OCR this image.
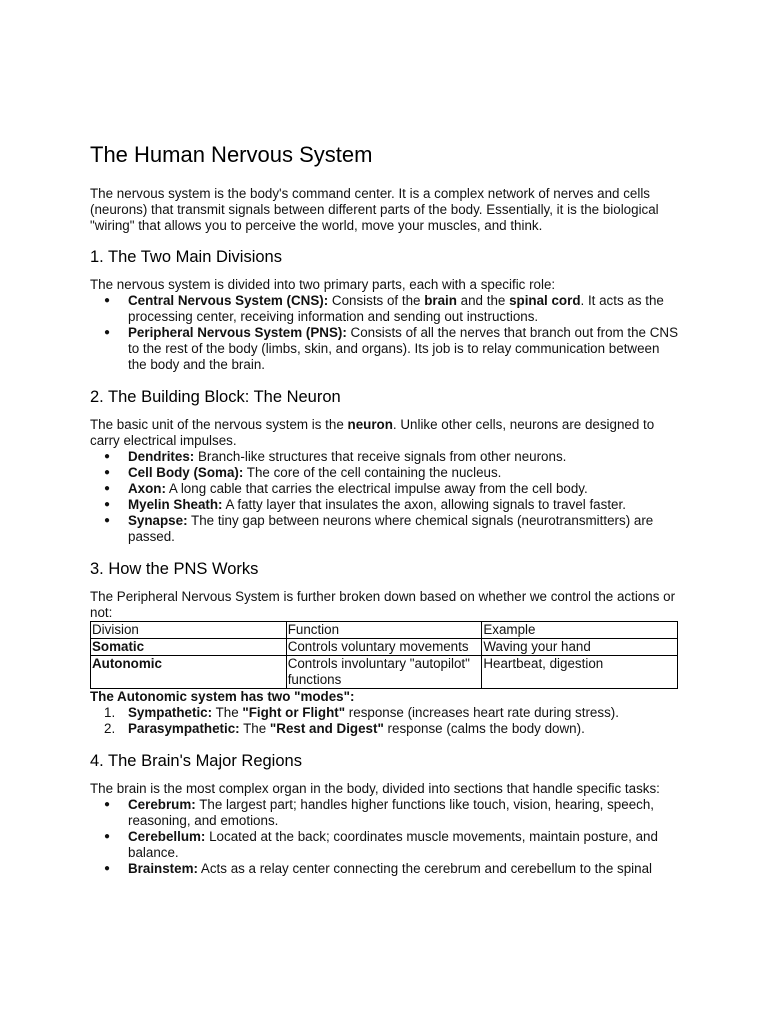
The Human Nervous System

The nervous system is the body's command center. It is a complex network of nerves and cells (neurons) that transmit signals between different parts of the body. Essentially, it is the biological "wiring" that allows you to perceive the world, move your muscles, and think.

1. The Two Main Divisions

The nervous system is divided into two primary parts, each with a specific role:

● Central Nervous System (CNS): Consists of the brain and the spinal cord. It acts as the processing center, receiving information and sending out instructions.
● Peripheral Nervous System (PNS): Consists of all the nerves that branch out from the CNS to the rest of the body (limbs, skin, and organs). Its job is to relay communication between the body and the brain.
2. The Building Block: The Neuron

The basic unit of the nervous system is the neuron. Unlike other cells, neurons are designed to carry electrical impulses.

● Dendrites: Branch-like structures that receive signals from other neurons.
● Cell Body (Soma): The core of the cell containing the nucleus.
● Axon: A long cable that carries the electrical impulse away from the cell body.
● Myelin Sheath: A fatty layer that insulates the axon, allowing signals to travel faster.
● Synapse: The tiny gap between neurons where chemical signals (neurotransmitters) are passed.
3. How the PNS Works

The Peripheral Nervous System is further broken down based on whether we control the actions or not:

Division	Function	Example
Somatic	Controls voluntary movements	Waving your hand
Autonomic	Controls involuntary "autopilot" functions	Heartbeat, digestion

The Autonomic system has two "modes":

1. Sympathetic: The "Fight or Flight" response (increases heart rate during stress).
2. Parasympathetic: The "Rest and Digest" response (calms the body down).
4. The Brain's Major Regions

The brain is the most complex organ in the body, divided into sections that handle specific tasks:

● Cerebrum: The largest part; handles higher functions like touch, vision, hearing, speech, reasoning, and emotions.
● Cerebellum: Located at the back; coordinates muscle movements, maintain posture, and balance.
● Brainstem: Acts as a relay center connecting the cerebrum and cerebellum to the spinal
